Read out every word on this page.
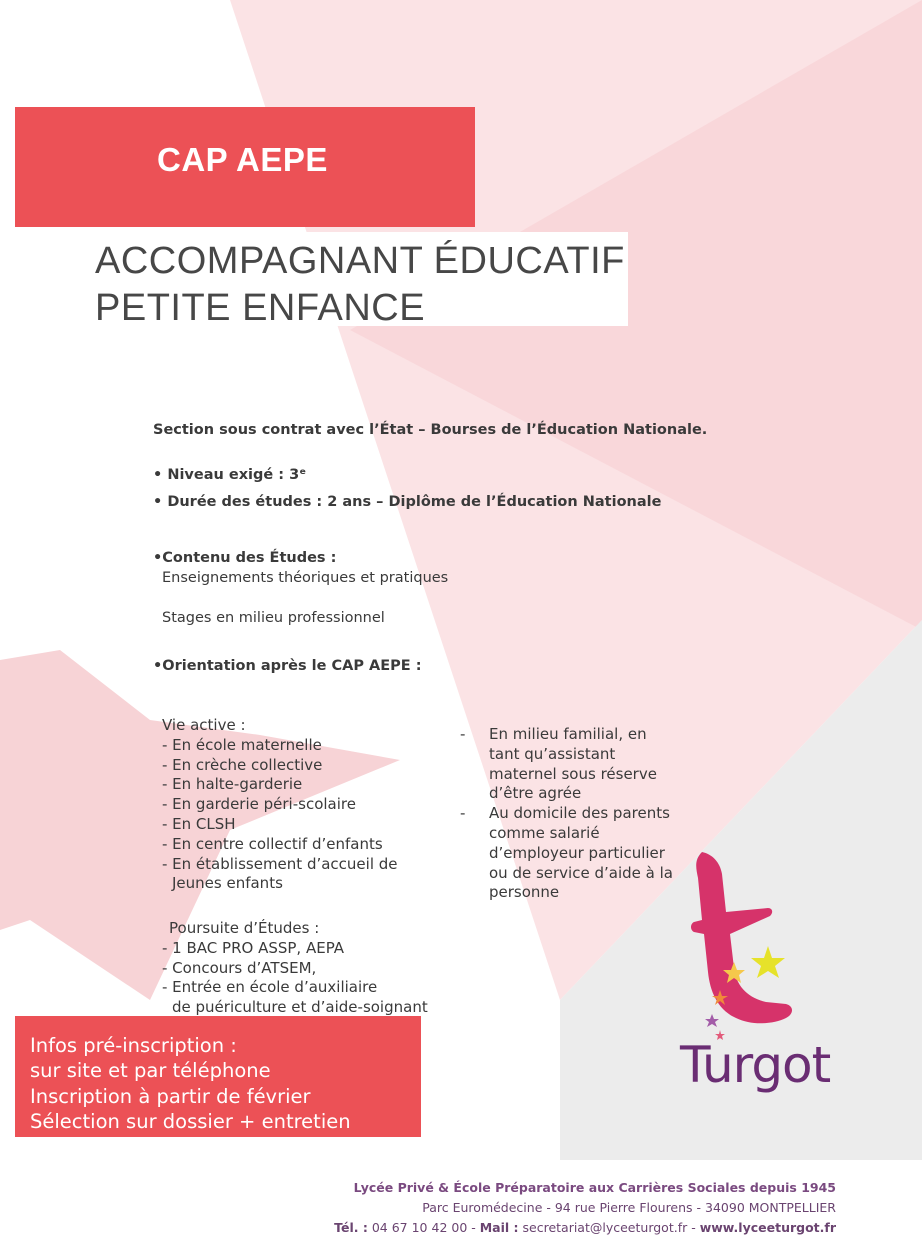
CAP AEPE
ACCOMPAGNANT ÉDUCATIF
PETITE ENFANCE
Section sous contrat avec l’État – Bourses de l’Éducation Nationale.
• Niveau exigé : 3ᵉ
• Durée des études : 2 ans – Diplôme de l’Éducation Nationale
•Contenu des Études :
Enseignements théoriques et pratiques
Stages en milieu professionnel
•Orientation après le CAP AEPE :
Vie active :
- En école maternelle
- En crèche collective
- En halte-garderie
- En garderie péri-scolaire
- En CLSH
- En centre collectif d’enfants
- En établissement d’accueil de
Jeunes enfants
- En milieu familial, en
tant qu’assistant
maternel sous réserve
d’être agrée
- Au domicile des parents
comme salarié
d’employeur particulier
ou de service d’aide à la
personne
Poursuite d’Études :
- 1 BAC PRO ASSP, AEPA
- Concours d’ATSEM,
- Entrée en école d’auxiliaire
de puériculture et d’aide-soignant
Infos pré-inscription :
sur site et par téléphone
Inscription à partir de février
Sélection sur dossier + entretien
Turgot
Lycée Privé & École Préparatoire aux Carrières Sociales depuis 1945
Parc Euromédecine - 94 rue Pierre Flourens - 34090 MONTPELLIER
Tél. : 04 67 10 42 00 - Mail : secretariat@lyceeturgot.fr - www.lyceeturgot.fr
